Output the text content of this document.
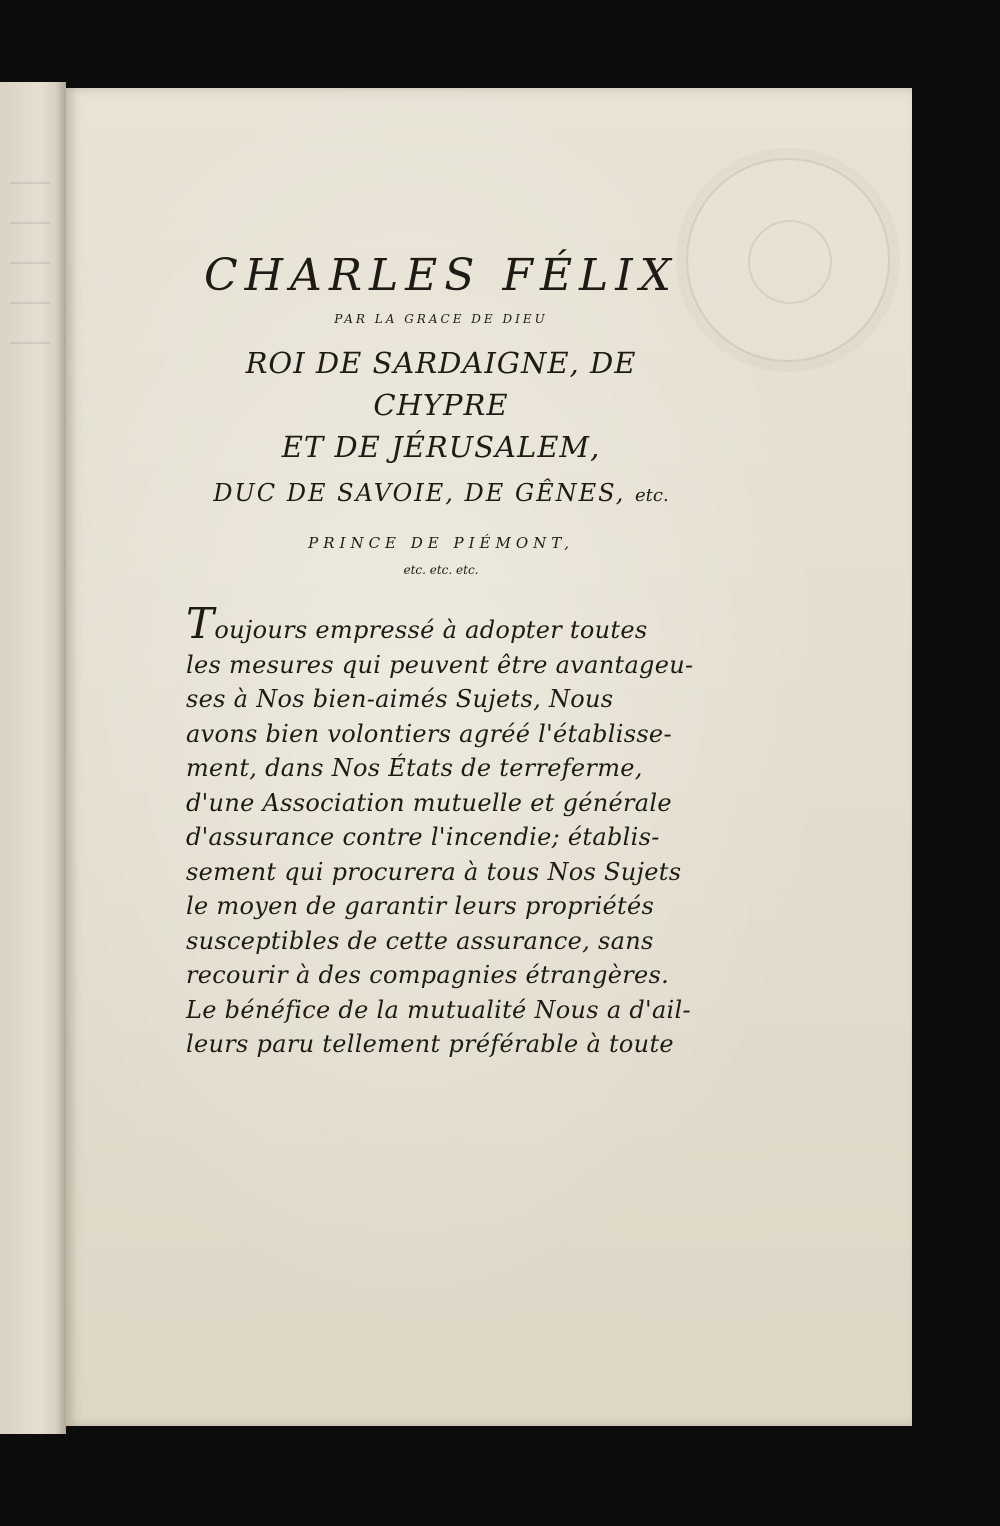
CHARLES FÉLIX

PAR LA GRACE DE DIEU

ROI DE SARDAIGNE, DE CHYPRE

ET DE JÉRUSALEM,

DUC DE SAVOIE, DE GÊNES, etc.

PRINCE DE PIÉMONT,

etc. etc. etc.

Toujours empressé à adopter toutes
les mesures qui peuvent être avantageu-
ses à Nos bien-aimés Sujets, Nous
avons bien volontiers agréé l'établisse-
ment, dans Nos États de terreferme,
d'une Association mutuelle et générale
d'assurance contre l'incendie; établis-
sement qui procurera à tous Nos Sujets
le moyen de garantir leurs propriétés
susceptibles de cette assurance, sans
recourir à des compagnies étrangères.
Le bénéfice de la mutualité Nous a d'ail-
leurs paru tellement préférable à toute
